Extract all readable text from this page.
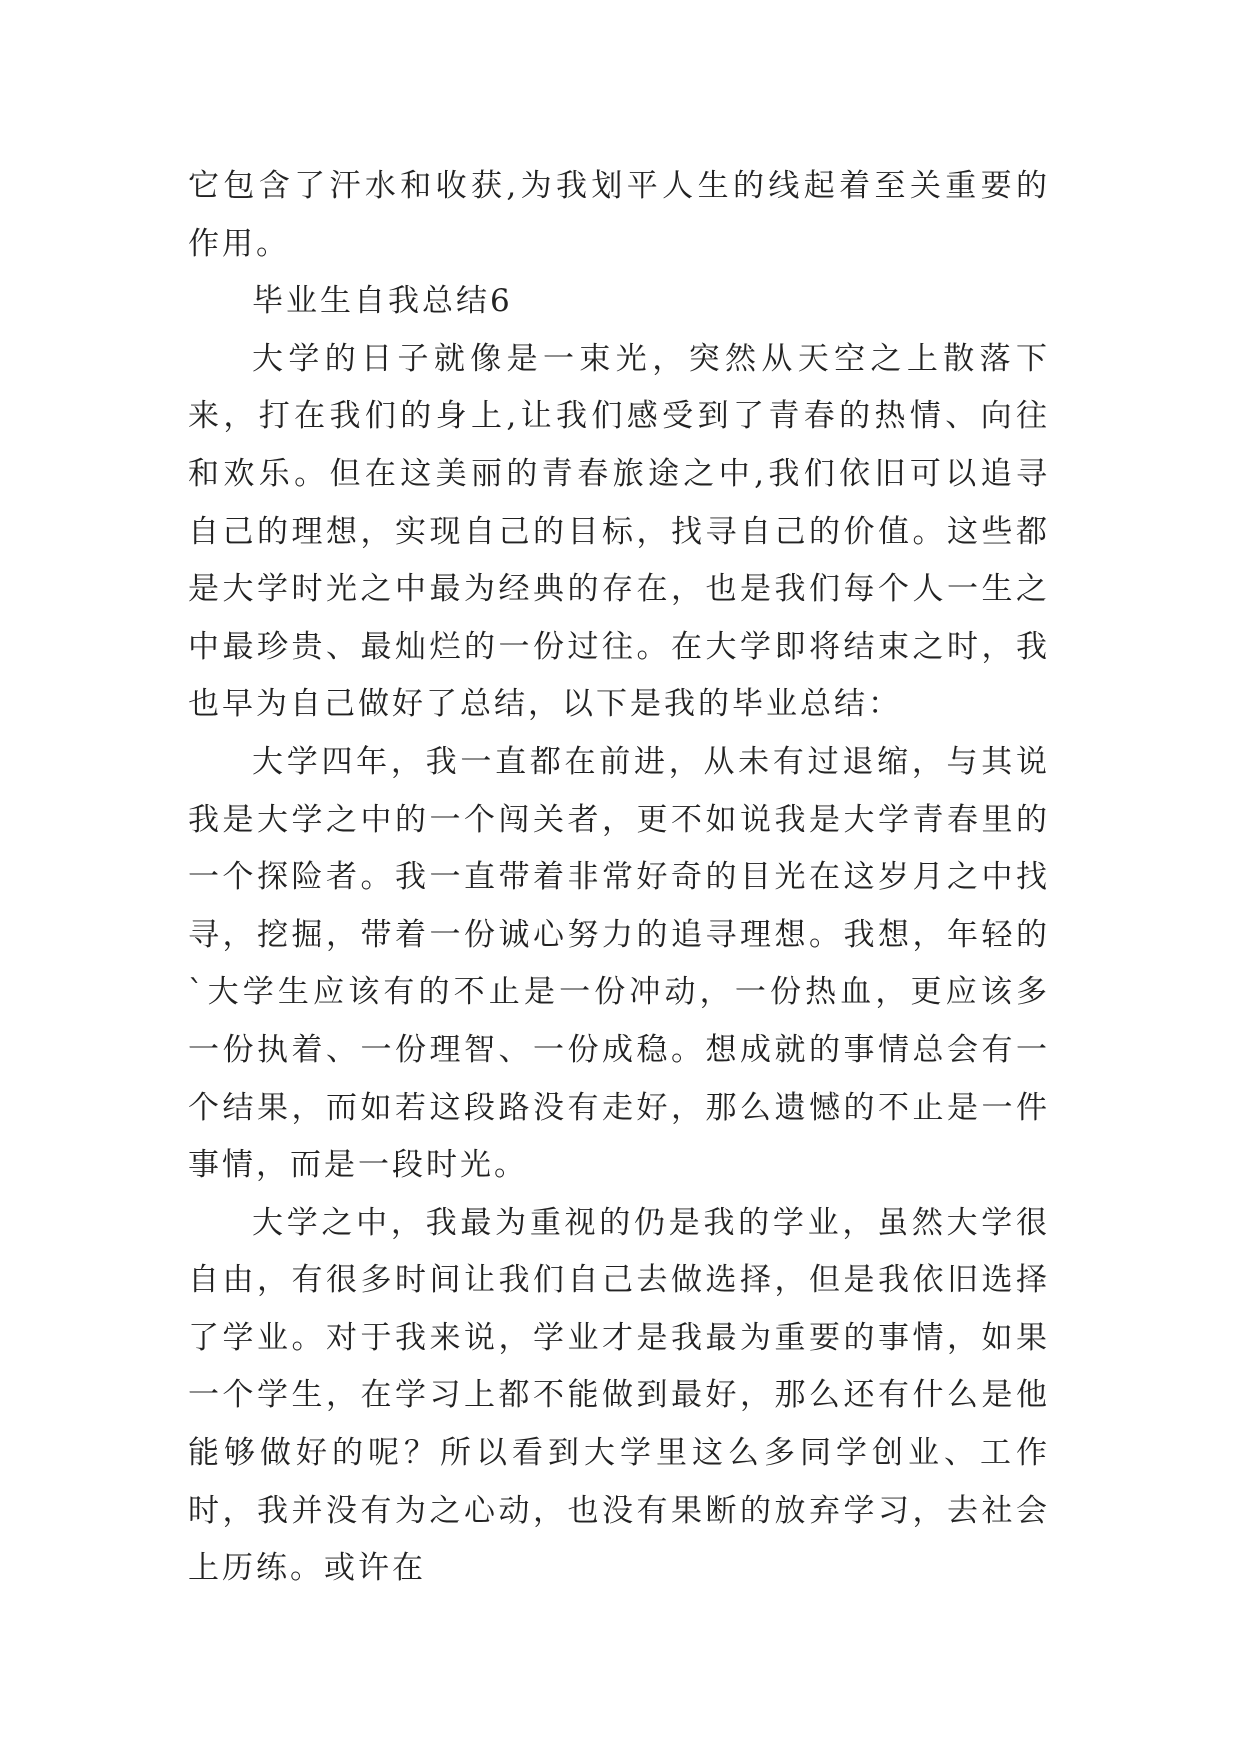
它包含了汗水和收获,为我划平人生的线起着至关重要的作用。

毕业生自我总结6

大学的日子就像是一束光，突然从天空之上散落下来，打在我们的身上,让我们感受到了青春的热情、向往和欢乐。但在这美丽的青春旅途之中,我们依旧可以追寻自己的理想，实现自己的目标，找寻自己的价值。这些都是大学时光之中最为经典的存在，也是我们每个人一生之中最珍贵、最灿烂的一份过往。在大学即将结束之时，我也早为自己做好了总结，以下是我的毕业总结：

大学四年，我一直都在前进，从未有过退缩，与其说我是大学之中的一个闯关者，更不如说我是大学青春里的一个探险者。我一直带着非常好奇的目光在这岁月之中找寻，挖掘，带着一份诚心努力的追寻理想。我想，年轻的`大学生应该有的不止是一份冲动，一份热血，更应该多一份执着、一份理智、一份成稳。想成就的事情总会有一个结果，而如若这段路没有走好，那么遗憾的不止是一件事情，而是一段时光。

大学之中，我最为重视的仍是我的学业，虽然大学很自由，有很多时间让我们自己去做选择，但是我依旧选择了学业。对于我来说，学业才是我最为重要的事情，如果一个学生，在学习上都不能做到最好，那么还有什么是他能够做好的呢？所以看到大学里这么多同学创业、工作时，我并没有为之心动，也没有果断的放弃学习，去社会上历练。或许在
